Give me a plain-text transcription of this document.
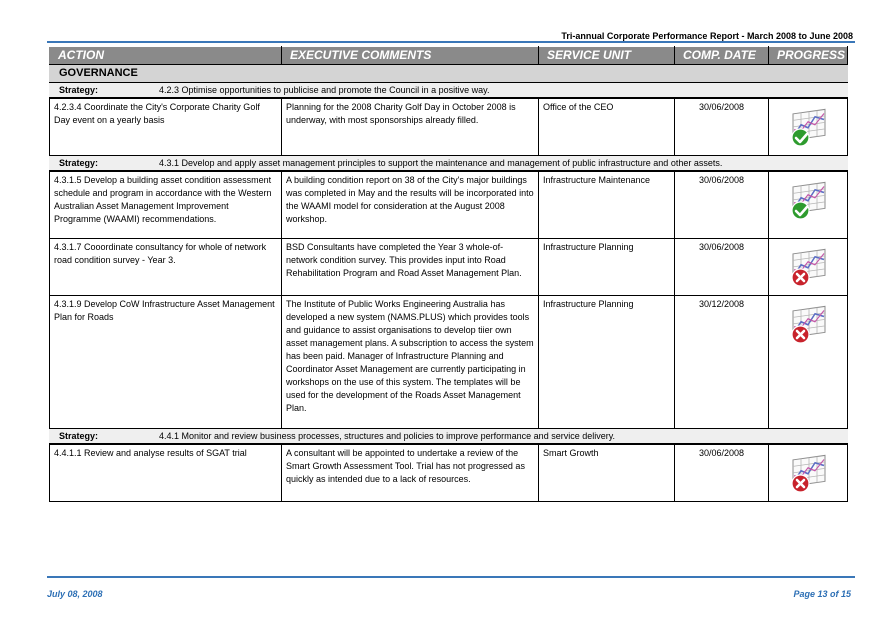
Tri-annual Corporate Performance Report - March 2008 to June 2008
ACTION	EXECUTIVE COMMENTS	SERVICE UNIT	COMP. DATE	PROGRESS
GOVERNANCE				
Strategy: 4.2.3 Optimise opportunities to publicise and promote the Council in a positive way.				
4.2.3.4 Coordinate the City's Corporate Charity Golf Day event on a yearly basis	Planning for the 2008 Charity Golf Day in October 2008 is underway, with most sponsorships already filled.	Office of the CEO	30/06/2008	
Strategy: 4.3.1 Develop and apply asset management principles to support the maintenance and management of public infrastructure and other assets.				
4.3.1.5 Develop a building asset condition assessment schedule and program in accordance with the Western Australian Asset Management Improvement Programme (WAAMI) recommendations.	A building condition report on 38 of the City's major buildings was completed in May and the results will be incorporated into the WAAMI model for consideration at the August 2008 workshop.	Infrastructure Maintenance	30/06/2008	
4.3.1.7 Cooordinate consultancy for whole of network road condition survey - Year 3.	BSD Consultants have completed the Year 3 whole-of-network condition survey. This provides input into Road Rehabilitation Program and Road Asset Management Plan.	Infrastructure Planning	30/06/2008	
4.3.1.9 Develop CoW Infrastructure Asset Management Plan for Roads	The Institute of Public Works Engineering Australia has developed a new system (NAMS.PLUS) which provides tools and guidance to assist organisations to develop tiier own asset management plans. A subscription to access the system has been paid. Manager of Infrastructure Planning and Coordinator Asset Management are currently participating in workshops on the use of this system. The templates will be used for the development of the Roads Asset Management Plan.	Infrastructure Planning	30/12/2008	
Strategy: 4.4.1 Monitor and review business processes, structures and policies to improve performance and service delivery.				
4.4.1.1 Review and analyse results of SGAT trial	A consultant will be appointed to undertake a review of the Smart Growth Assessment Tool. Trial has not progressed as quickly as intended due to a lack of resources.	Smart Growth	30/06/2008	
July 08, 2008	Page 13 of 15
